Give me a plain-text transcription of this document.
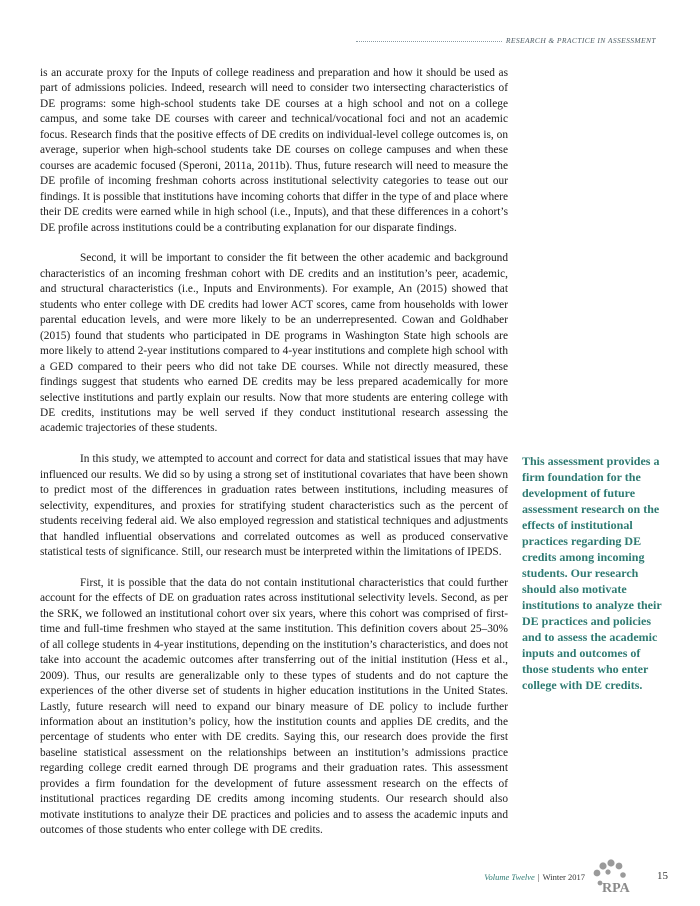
RESEARCH & PRACTICE IN ASSESSMENT

is an accurate proxy for the Inputs of college readiness and preparation and how it should be used as part of admissions policies. Indeed, research will need to consider two intersecting characteristics of DE programs: some high-school students take DE courses at a high school and not on a college campus, and some take DE courses with career and technical/vocational foci and not an academic focus. Research finds that the positive effects of DE credits on individual-level college outcomes is, on average, superior when high-school students take DE courses on college campuses and when these courses are academic focused (Speroni, 2011a, 2011b). Thus, future research will need to measure the DE profile of incoming freshman cohorts across institutional selectivity categories to tease out our findings. It is possible that institutions have incoming cohorts that differ in the type of and place where their DE credits were earned while in high school (i.e., Inputs), and that these differences in a cohort’s DE profile across institutions could be a contributing explanation for our disparate findings.

Second, it will be important to consider the fit between the other academic and background characteristics of an incoming freshman cohort with DE credits and an institution’s peer, academic, and structural characteristics (i.e., Inputs and Environments). For example, An (2015) showed that students who enter college with DE credits had lower ACT scores, came from households with lower parental education levels, and were more likely to be an underrepresented. Cowan and Goldhaber (2015) found that students who participated in DE programs in Washington State high schools are more likely to attend 2-year institutions compared to 4-year institutions and complete high school with a GED compared to their peers who did not take DE courses. While not directly measured, these findings suggest that students who earned DE credits may be less prepared academically for more selective institutions and partly explain our results. Now that more students are entering college with DE credits, institutions may be well served if they conduct institutional research assessing the academic trajectories of these students.

In this study, we attempted to account and correct for data and statistical issues that may have influenced our results. We did so by using a strong set of institutional covariates that have been shown to predict most of the differences in graduation rates between institutions, including measures of selectivity, expenditures, and proxies for stratifying student characteristics such as the percent of students receiving federal aid. We also employed regression and statistical techniques and adjustments that handled influential observations and correlated outcomes as well as produced conservative statistical tests of significance. Still, our research must be interpreted within the limitations of IPEDS.

First, it is possible that the data do not contain institutional characteristics that could further account for the effects of DE on graduation rates across institutional selectivity levels. Second, as per the SRK, we followed an institutional cohort over six years, where this cohort was comprised of first-time and full-time freshmen who stayed at the same institution. This definition covers about 25–30% of all college students in 4-year institutions, depending on the institution’s characteristics, and does not take into account the academic outcomes after transferring out of the initial institution (Hess et al., 2009). Thus, our results are generalizable only to these types of students and do not capture the experiences of the other diverse set of students in higher education institutions in the United States. Lastly, future research will need to expand our binary measure of DE policy to include further information about an institution’s policy, how the institution counts and applies DE credits, and the percentage of students who enter with DE credits. Saying this, our research does provide the first baseline statistical assessment on the relationships between an institution’s admissions practice regarding college credit earned through DE programs and their graduation rates. This assessment provides a firm foundation for the development of future assessment research on the effects of institutional practices regarding DE credits among incoming students. Our research should also motivate institutions to analyze their DE practices and policies and to assess the academic inputs and outcomes of those students who enter college with DE credits.

This assessment provides a firm foundation for the development of future assessment research on the effects of institutional practices regarding DE credits among incoming students. Our research should also motivate institutions to analyze their DE practices and policies and to assess the academic inputs and outcomes of those students who enter college with DE credits.
Volume Twelve | Winter 2017
RPA
15
